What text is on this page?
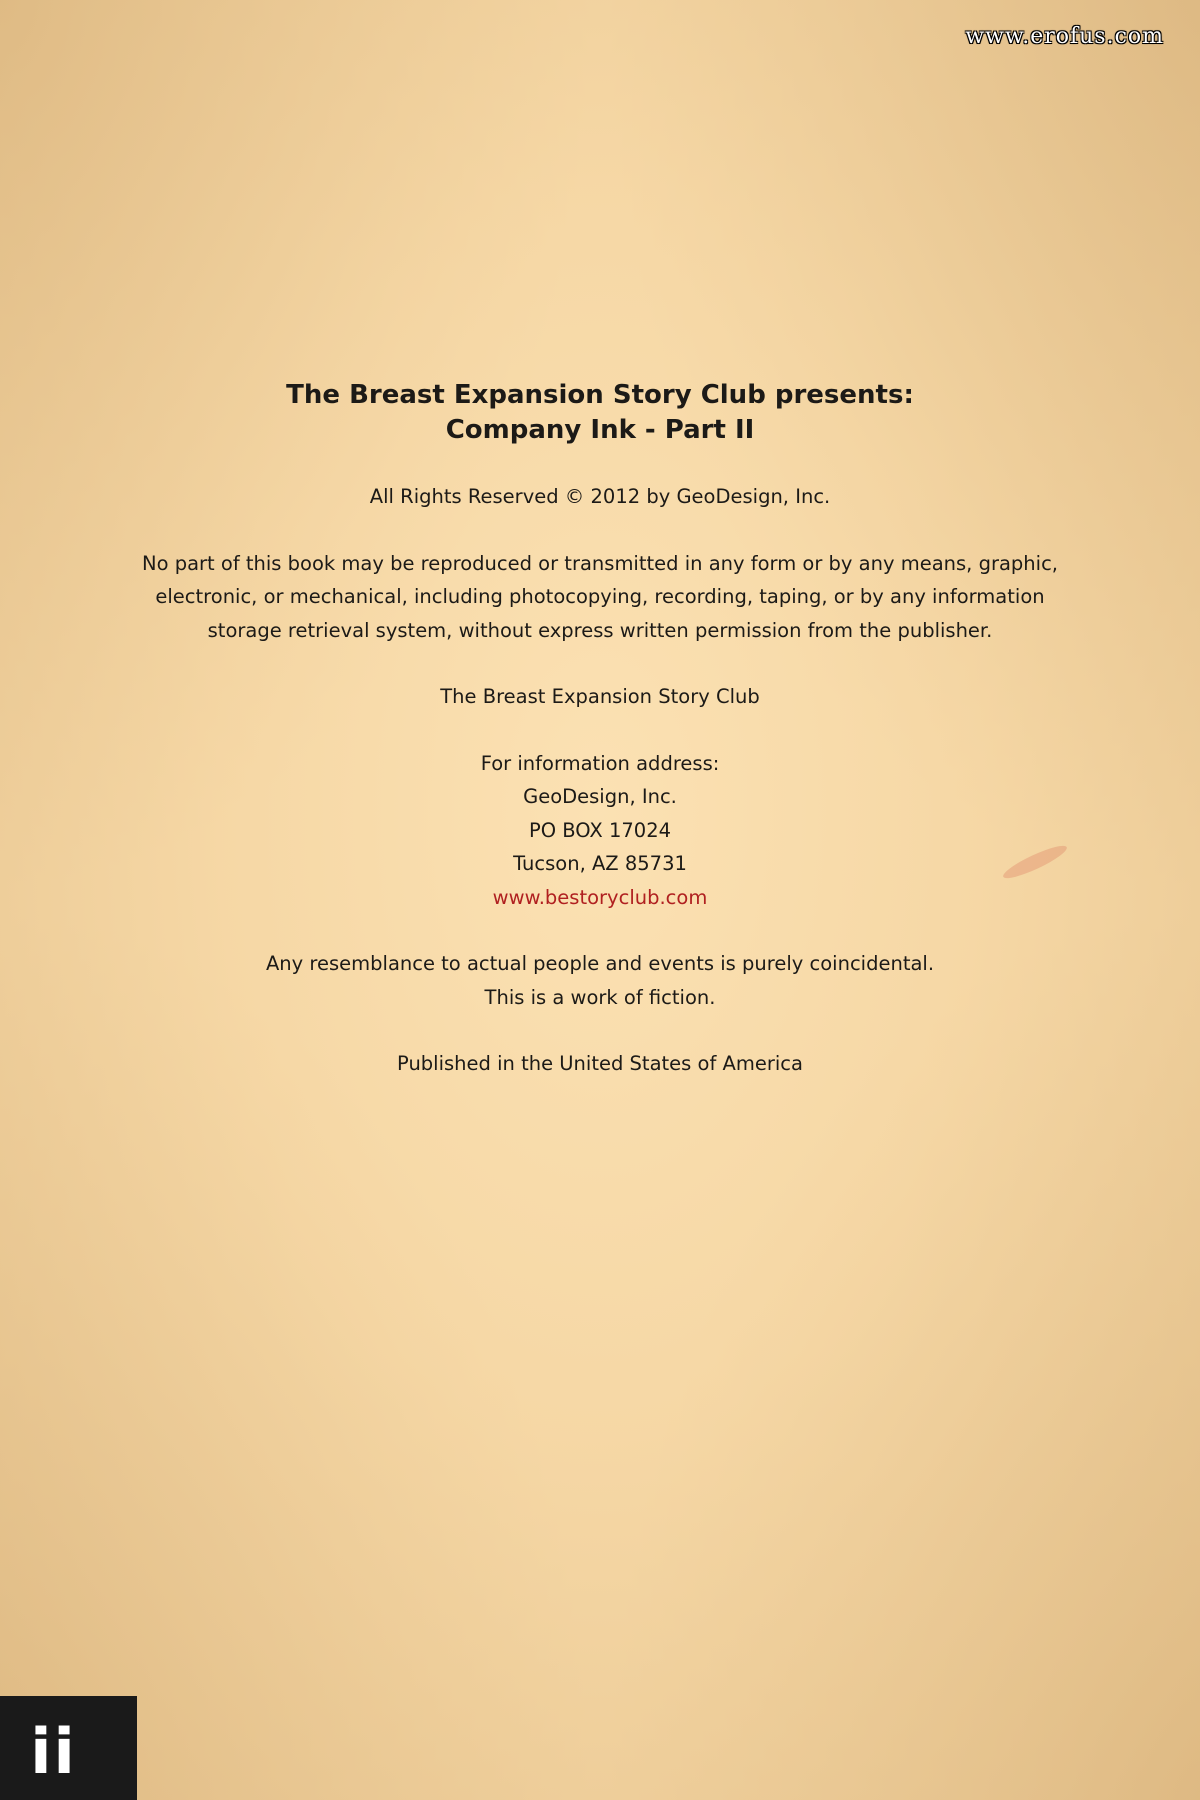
www.erofus.com
The Breast Expansion Story Club presents:
Company Ink - Part II

All Rights Reserved © 2012 by GeoDesign, Inc.

No part of this book may be reproduced or transmitted in any form or by any means, graphic,
electronic, or mechanical, including photocopying, recording, taping, or by any information
storage retrieval system, without express written permission from the publisher.

The Breast Expansion Story Club

For information address:
GeoDesign, Inc.
PO BOX 17024
Tucson, AZ 85731
www.bestoryclub.com

Any resemblance to actual people and events is purely coincidental.
This is a work of fiction.

Published in the United States of America

ii
